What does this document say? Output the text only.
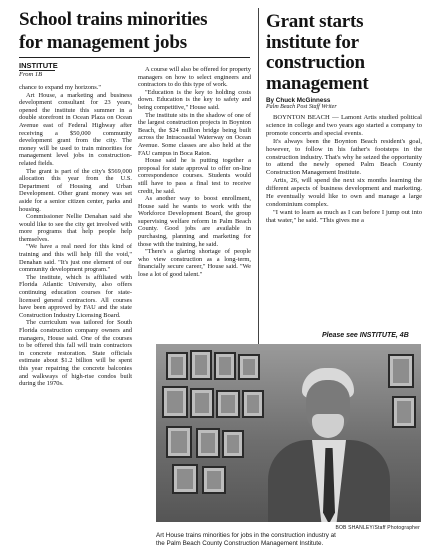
School trains minorities
for management jobs
INSTITUTE
From 1B

chance to expand my horizons."

Art House, a marketing and business development consultant for 23 years, opened the institute this summer in a double storefront in Ocean Plaza on Ocean Avenue east of Federal Highway after receiving a $50,000 community development grant from the city. The money will be used to train minorities for management level jobs in construction-related fields.

The grant is part of the city's $569,000 allocation this year from the U.S. Department of Housing and Urban Development. Other grant money was set aside for a senior citizen center, parks and housing.

Commissioner Nellie Denahan said she would like to see the city get involved with more programs that help people help themselves.

"We have a real need for this kind of training and this will help fill the void," Denahan said. "It's just one element of our community development program."

The institute, which is affiliated with Florida Atlantic University, also offers continuing education courses for state-licensed general contractors. All courses have been approved by FAU and the state Construction Industry Licensing Board.

The curriculum was tailored for South Florida construction company owners and managers, House said. One of the courses to be offered this fall will train contractors in concrete restoration. State officials estimate about $1.2 billion will be spent this year repairing the concrete balconies and walkways of high-rise condos built during the 1970s.

A course will also be offered for property managers on how to select engineers and contractors to do this type of work.

"Education is the key to holding costs down. Education is the key to safety and being competitive," House said.

The institute sits in the shadow of one of the largest construction projects in Boynton Beach, the $24 million bridge being built across the Intracoastal Waterway on Ocean Avenue. Some classes are also held at the FAU campus in Boca Raton.

House said he is putting together a proposal for state approval to offer on-line correspondence courses. Students would still have to pass a final test to receive credit, he said.

As another way to boost enrollment, House said he wants to work with the Workforce Development Board, the group supervising welfare reform in Palm Beach County. Good jobs are available in purchasing, planning and marketing for those with the training, he said.

"There's a glaring shortage of people who view construction as a long-term, financially secure career," House said. "We lose a lot of good talent."

Grant starts
institute for
construction
management
By Chuck McGinness
Palm Beach Post Staff Writer

BOYNTON BEACH — Lamont Artis studied political science in college and two years ago started a company to promote concerts and special events.

It's always been the Boynton Beach resident's goal, however, to follow in his father's footsteps in the construction industry. That's why he seized the opportunity to attend the newly opened Palm Beach County Construction Management Institute.

Artis, 26, will spend the next six months learning the different aspects of business development and marketing. He eventually would like to own and manage a large condominium complex.

"I want to learn as much as I can before I jump out into that water," he said. "This gives me a

Please see INSTITUTE, 4B
BOB SHANLEY/Staff Photographer
Art House trains minorities for jobs in the construction industry at
the Palm Beach County Construction Management Institute.
